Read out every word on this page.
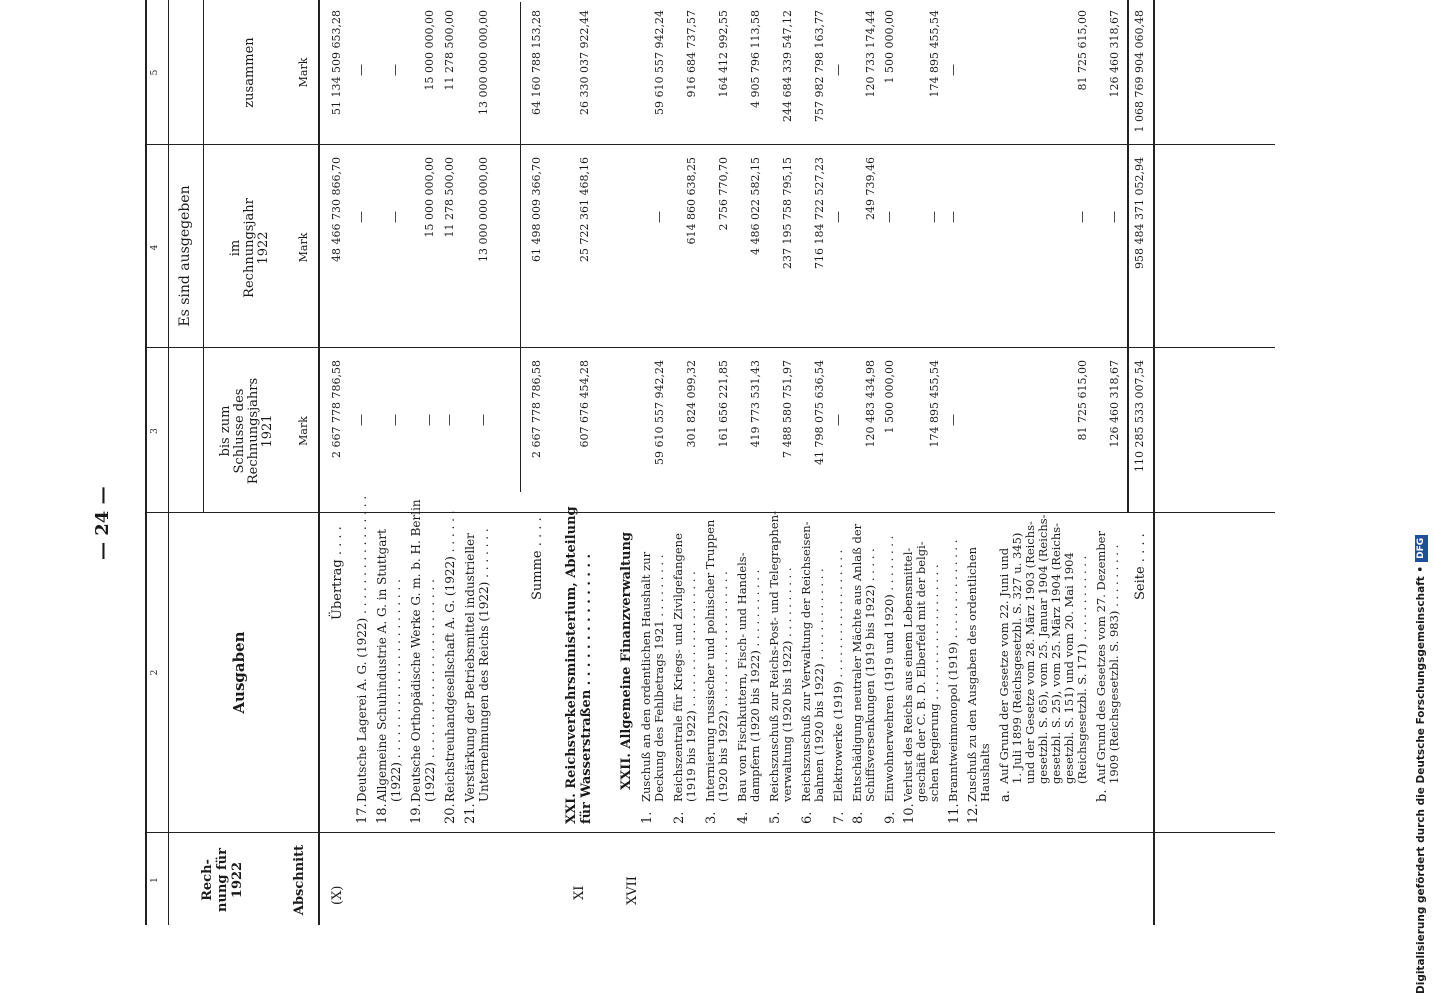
— 24 —
1
2
3
4
5
Rech- nung für 1922	Abschnitt
Ausgaben
Es sind ausgegeben
bis zum Schlusse des Rechnungsjahrs 1921
im Rechnungsjahr 1922
zusammen
Mark
Mark
Mark
(X)
Übertrag . . . .
2 667 778 786,58
48 466 730 866,70
51 134 509 653,28
17.
Deutsche Lagerei A. G. (1922) . . . . . . . . . . . . . . . .
—
—
—
18.
Allgemeine Schuhindustrie A. G. in Stuttgart (1922) . . . . . . . . . . . . . . . . . . . . . . . .
—
—
—
19.
Deutsche Orthopädische Werke G. m. b. H. Berlin (1922) . . . . . . . . . . . . . . . . . . . . . . . .
—
15 000 000,00
15 000 000,00
20.
Reichstreuhandgesellschaft A. G. (1922) . . . . . .
—
11 278 500,00
11 278 500,00
21.
Verstärkung der Betriebsmittel industrieller Unternehmungen des Reichs (1922) . . . . . . .
—
13 000 000 000,00
13 000 000 000,00
Summe . . . .
2 667 778 786,58
61 498 009 366,70
64 160 788 153,28
XI
XXI. Reichsverkehrsministerium, Abteilung für Wasserstraßen . . . . . . . . . . . . . . .
607 676 454,28
25 722 361 468,16
26 330 037 922,44
XVII
XXII. Allgemeine Finanzverwaltung
1.
Zuschuß an den ordentlichen Haushalt zur Deckung des Fehlbetrags 1921 . . . . . . . . .
59 610 557 942,24
—
59 610 557 942,24
2.
Reichszentrale für Kriegs- und Zivilgefangene (1919 bis 1922) . . . . . . . . . . . . . . . . . . .
301 824 099,32
614 860 638,25
916 684 737,57
3.
Internierung russischer und polnischer Truppen (1920 bis 1922) . . . . . . . . . . . . . . . . . . .
161 656 221,85
2 756 770,70
164 412 992,55
4.
Bau von Fischkuttern, Fisch- und Handels- dampfern (1920 bis 1922) . . . . . . . . . . .
419 773 531,43
4 486 022 582,15
4 905 796 113,58
5.
Reichszuschuß zur Reichs-Post- und Telegraphen- verwaltung (1920 bis 1922) . . . . . . . . . .
7 488 580 751,97
237 195 758 795,15
244 684 339 547,12
6.
Reichszuschuß zur Verwaltung der Reichseisen- bahnen (1920 bis 1922) . . . . . . . . . . . . .
41 798 075 636,54
716 184 722 527,23
757 982 798 163,77
7.
Elektrowerke (1919) . . . . . . . . . . . . . . . . . .
—
—
—
8.
Entschädigung neutraler Mächte aus Anlaß der Schiffsversenkungen (1919 bis 1922) . . . . .
120 483 434,98
249 739,46
120 733 174,44
9.
Einwohnerwehren (1919 und 1920) . . . . . . . .
1 500 000,00
—
1 500 000,00
10.
Verlust des Reichs aus einem Lebensmittel- geschäft der C. B. D. Elberfeld mit der belgi- schen Regierung . . . . . . . . . . . . . . . . . . .
174 895 455,54
—
174 895 455,54
11.
Branntweinmonopol (1919) . . . . . . . . . . . . . .
—
—
—
12.
Zuschuß zu den Ausgaben des ordentlichen Haushalts a.
Auf Grund der Gesetze vom 22. Juni und 1. Juli 1899 (Reichsgesetzbl. S. 327 u. 345) und der Gesetze vom 28. März 1903 (Reichs- gesetzbl. S. 65), vom 25. Januar 1904 (Reichs- gesetzbl. S. 25), vom 25. März 1904 (Reichs- gesetzbl. S. 151) und vom 20. Mai 1904 (Reichsgesetzbl. S. 171) . . . . . . . . . . . .
81 725 615,00
—
81 725 615,00
b.
Auf Grund des Gesetzes vom 27. Dezember 1909 (Reichsgesetzbl. S. 983) . . . . . . . . .
126 460 318,67
—
126 460 318,67
Seite . . . .
110 285 533 007,54
958 484 371 052,94
1 068 769 904 060,48
Digitalisierung gefördert durch die Deutsche Forschungsgemeinschaft •
DFG
